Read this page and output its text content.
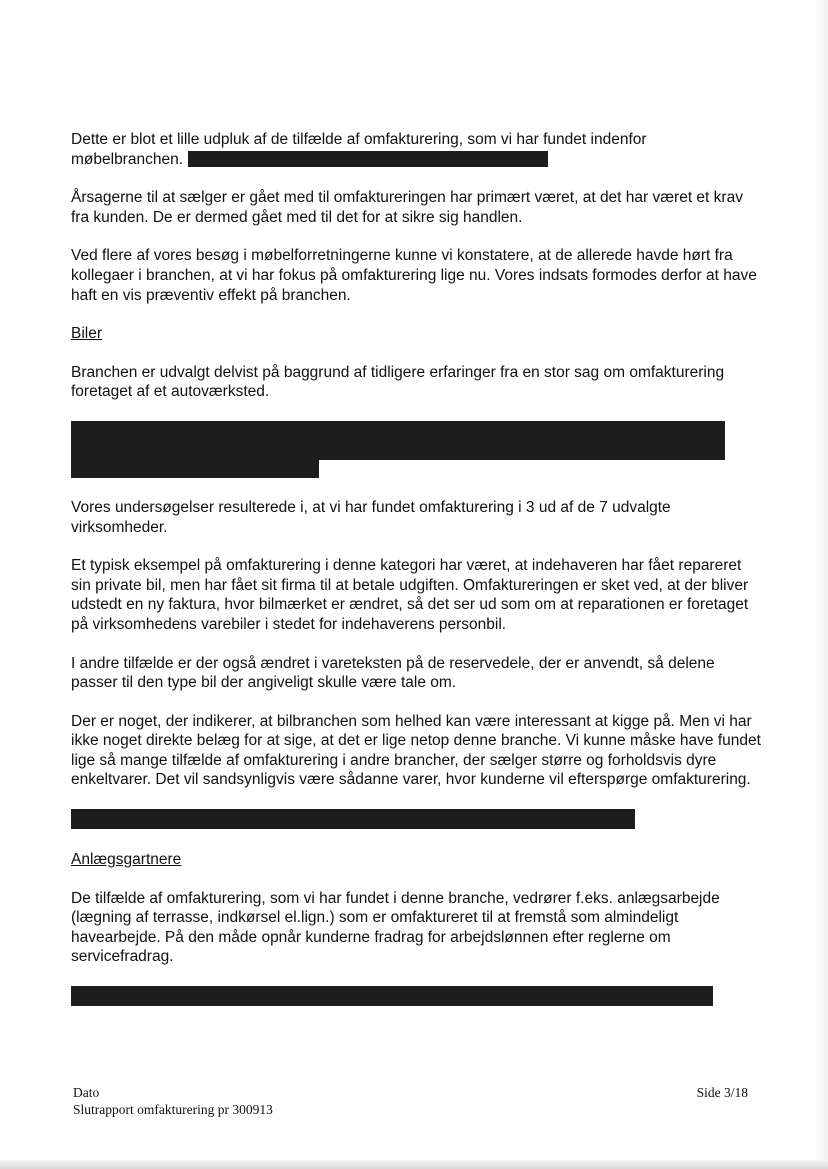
Dette er blot et lille udpluk af de tilfælde af omfakturering, som vi har fundet indenfor møbelbranchen.

Årsagerne til at sælger er gået med til omfaktureringen har primært været, at det har været et krav fra kunden. De er dermed gået med til det for at sikre sig handlen.

Ved flere af vores besøg i møbelforretningerne kunne vi konstatere, at de allerede havde hørt fra kollegaer i branchen, at vi har fokus på omfakturering lige nu. Vores indsats formodes derfor at have haft en vis præventiv effekt på branchen.

Biler

Branchen er udvalgt delvist på baggrund af tidligere erfaringer fra en stor sag om omfakturering foretaget af et autoværksted.

Vores undersøgelser resulterede i, at vi har fundet omfakturering i 3 ud af de 7 udvalgte virksomheder.

Et typisk eksempel på omfakturering i denne kategori har været, at indehaveren har fået repareret sin private bil, men har fået sit firma til at betale udgiften. Omfaktureringen er sket ved, at der bliver udstedt en ny faktura, hvor bilmærket er ændret, så det ser ud som om at reparationen er foretaget på virksomhedens varebiler i stedet for indehaverens personbil.

I andre tilfælde er der også ændret i vareteksten på de reservedele, der er anvendt, så delene passer til den type bil der angiveligt skulle være tale om.

Der er noget, der indikerer, at bilbranchen som helhed kan være interessant at kigge på. Men vi har ikke noget direkte belæg for at sige, at det er lige netop denne branche. Vi kunne måske have fundet lige så mange tilfælde af omfakturering i andre brancher, der sælger større og forholdsvis dyre enkeltvarer. Det vil sandsynligvis være sådanne varer, hvor kunderne vil efterspørge omfakturering.

Anlægsgartnere

De tilfælde af omfakturering, som vi har fundet i denne branche, vedrører f.eks. anlægsarbejde (lægning af terrasse, indkørsel el.lign.) som er omfaktureret til at fremstå som almindeligt havearbejde. På den måde opnår kunderne fradrag for arbejdslønnen efter reglerne om servicefradrag.

Dato
Slutrapport omfakturering pr 300913
Side 3/18
